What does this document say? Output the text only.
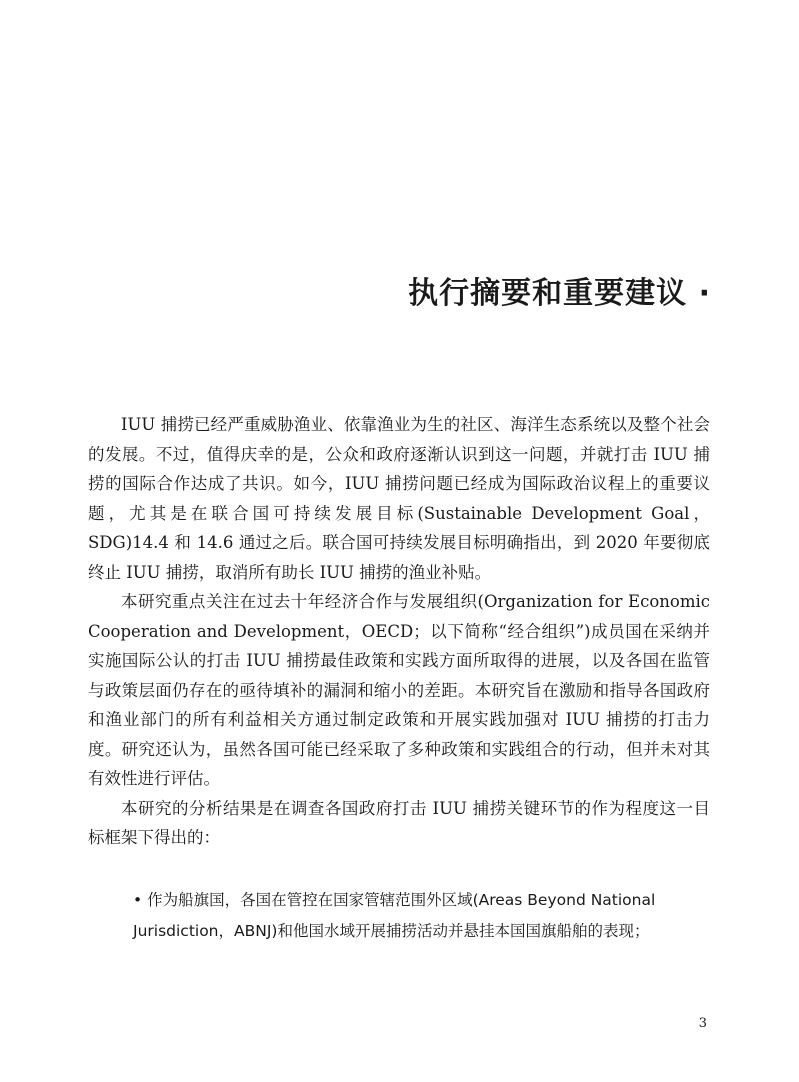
执行摘要和重要建议 ·

IUU 捕捞已经严重威胁渔业、依靠渔业为生的社区、海洋生态系统以及整个社会的发展。不过，值得庆幸的是，公众和政府逐渐认识到这一问题，并就打击 IUU 捕捞的国际合作达成了共识。如今，IUU 捕捞问题已经成为国际政治议程上的重要议题，尤其是在联合国可持续发展目标(Sustainable Development Goal，SDG)14.4 和 14.6 通过之后。联合国可持续发展目标明确指出，到 2020 年要彻底终止 IUU 捕捞，取消所有助长 IUU 捕捞的渔业补贴。

本研究重点关注在过去十年经济合作与发展组织(Organization for Economic Cooperation and Development，OECD；以下简称“经合组织”)成员国在采纳并实施国际公认的打击 IUU 捕捞最佳政策和实践方面所取得的进展，以及各国在监管与政策层面仍存在的亟待填补的漏洞和缩小的差距。本研究旨在激励和指导各国政府和渔业部门的所有利益相关方通过制定政策和开展实践加强对 IUU 捕捞的打击力度。研究还认为，虽然各国可能已经采取了多种政策和实践组合的行动，但并未对其有效性进行评估。

本研究的分析结果是在调查各国政府打击 IUU 捕捞关键环节的作为程度这一目标框架下得出的：

• 作为船旗国，各国在管控在国家管辖范围外区域(Areas Beyond National Jurisdiction，ABNJ)和他国水域开展捕捞活动并悬挂本国国旗船舶的表现；

3
